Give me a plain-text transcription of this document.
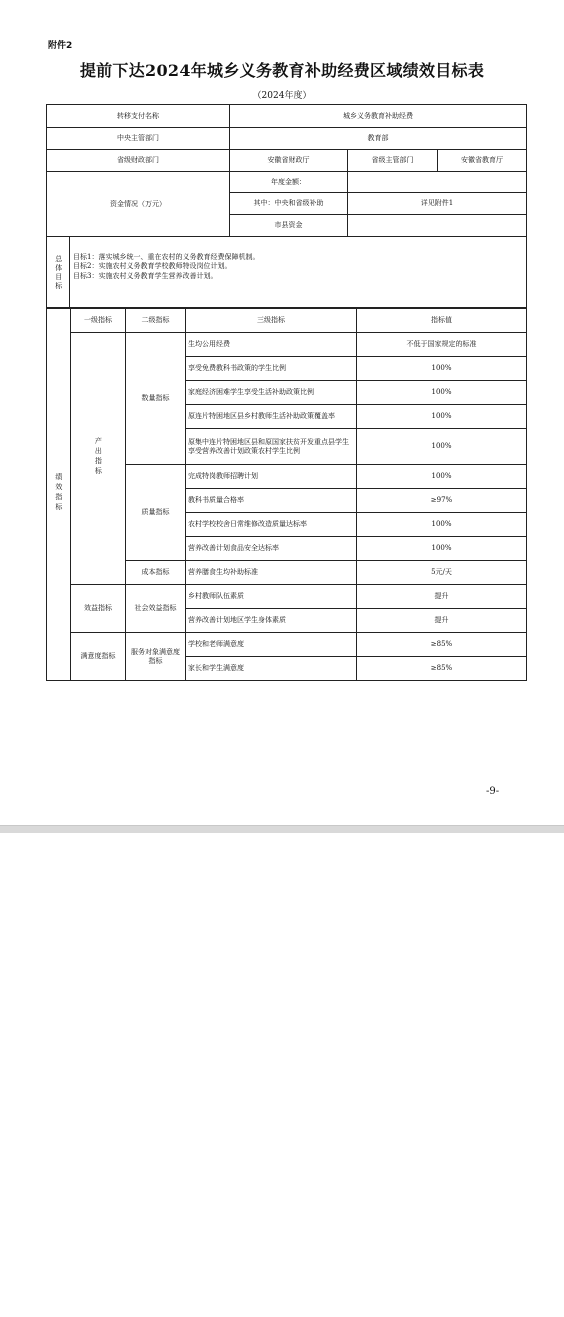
附件2
提前下达2024年城乡义务教育补助经费区域绩效目标表
（2024年度）
转移支付名称	城乡义务教育补助经费		
中央主管部门	教育部		
省级财政部门	安徽省财政厅	省级主管部门	安徽省教育厅
资金情况（万元）	年度金额：		
	其中：中央和省级补助	详见附件1	
	市县资金		

总体目标 目标1：落实城乡统一、重在农村的义务教育经费保障机制。
目标2：实施农村义务教育学校教师特设岗位计划。
目标3：实施农村义务教育学生营养改善计划。			
绩效指标	一级指标	二级指标	三级指标	指标值
	产出指标	数量指标	生均公用经费	不低于国家规定的标准
			享受免费教科书政策的学生比例	100%
			家庭经济困难学生享受生活补助政策比例	100%
			原连片特困地区县乡村教师生活补助政策覆盖率	100%
			原集中连片特困地区县和原国家扶贫开发重点县学生享受营养改善计划政策农村学生比例	100%
		质量指标	完成特岗教师招聘计划	100%
			教科书质量合格率	≥97%
			农村学校校舍日常维修改造质量达标率	100%
			营养改善计划食品安全达标率	100%
		成本指标	营养膳食生均补助标准	5元/天
	效益指标	社会效益指标	乡村教师队伍素质	提升
			营养改善计划地区学生身体素质	提升
	满意度指标	服务对象满意度指标	学校和老师满意度	≥85%
			家长和学生满意度	≥85%
-9-
